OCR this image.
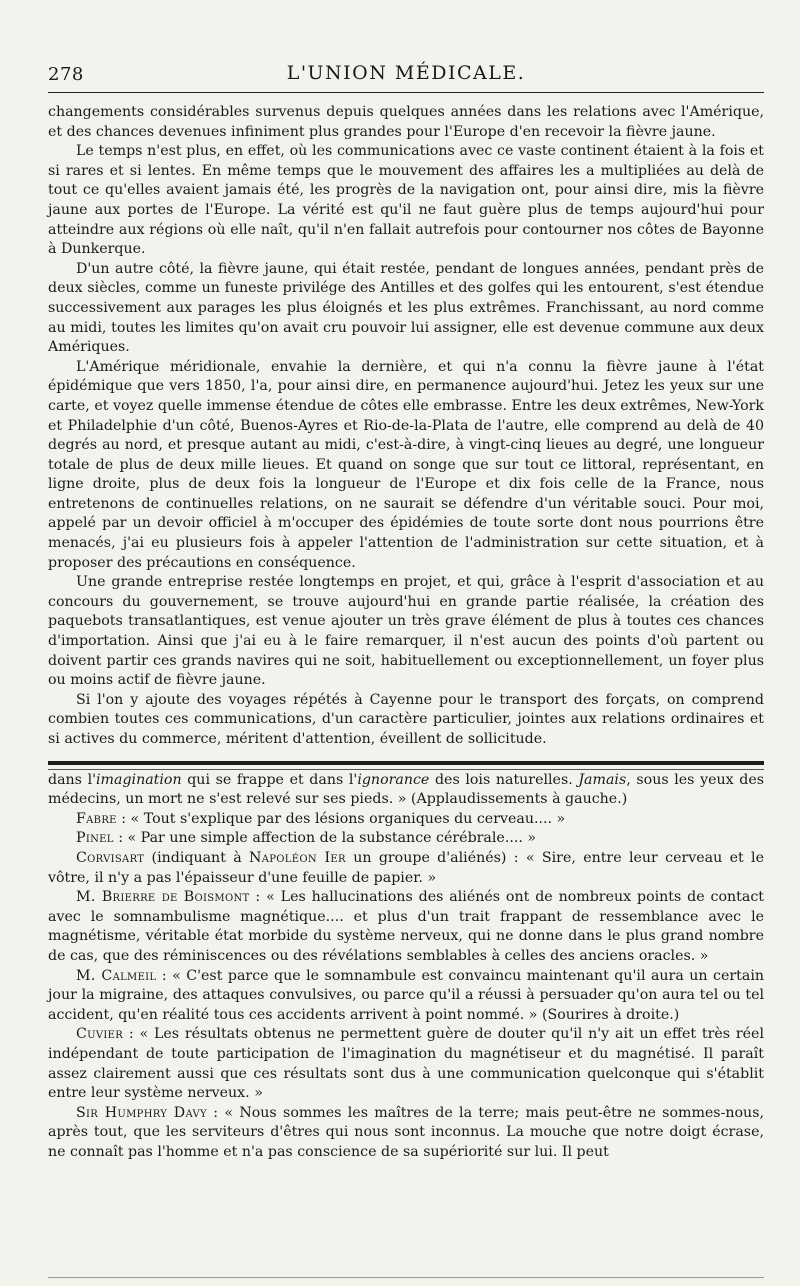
278	L'UNION MÉDICALE.

changements considérables survenus depuis quelques années dans les relations avec l'Amérique, et des chances devenues infiniment plus grandes pour l'Europe d'en recevoir la fièvre jaune.

Le temps n'est plus, en effet, où les communications avec ce vaste continent étaient à la fois et si rares et si lentes. En même temps que le mouvement des affaires les a multipliées au delà de tout ce qu'elles avaient jamais été, les progrès de la navigation ont, pour ainsi dire, mis la fièvre jaune aux portes de l'Europe. La vérité est qu'il ne faut guère plus de temps aujourd'hui pour atteindre aux régions où elle naît, qu'il n'en fallait autrefois pour contourner nos côtes de Bayonne à Dunkerque.

D'un autre côté, la fièvre jaune, qui était restée, pendant de longues années, pendant près de deux siècles, comme un funeste privilége des Antilles et des golfes qui les entourent, s'est étendue successivement aux parages les plus éloignés et les plus extrêmes. Franchissant, au nord comme au midi, toutes les limites qu'on avait cru pouvoir lui assigner, elle est devenue commune aux deux Amériques.

L'Amérique méridionale, envahie la dernière, et qui n'a connu la fièvre jaune à l'état épidémique que vers 1850, l'a, pour ainsi dire, en permanence aujourd'hui. Jetez les yeux sur une carte, et voyez quelle immense étendue de côtes elle embrasse. Entre les deux extrêmes, New-York et Philadelphie d'un côté, Buenos-Ayres et Rio-de-la-Plata de l'autre, elle comprend au delà de 40 degrés au nord, et presque autant au midi, c'est-à-dire, à vingt-cinq lieues au degré, une longueur totale de plus de deux mille lieues. Et quand on songe que sur tout ce littoral, représentant, en ligne droite, plus de deux fois la longueur de l'Europe et dix fois celle de la France, nous entretenons de continuelles relations, on ne saurait se défendre d'un véritable souci. Pour moi, appelé par un devoir officiel à m'occuper des épidémies de toute sorte dont nous pourrions être menacés, j'ai eu plusieurs fois à appeler l'attention de l'administration sur cette situation, et à proposer des précautions en conséquence.

Une grande entreprise restée longtemps en projet, et qui, grâce à l'esprit d'association et au concours du gouvernement, se trouve aujourd'hui en grande partie réalisée, la création des paquebots transatlantiques, est venue ajouter un très grave élément de plus à toutes ces chances d'importation. Ainsi que j'ai eu à le faire remarquer, il n'est aucun des points d'où partent ou doivent partir ces grands navires qui ne soit, habituellement ou exceptionnellement, un foyer plus ou moins actif de fièvre jaune.

Si l'on y ajoute des voyages répétés à Cayenne pour le transport des forçats, on comprend combien toutes ces communications, d'un caractère particulier, jointes aux relations ordinaires et si actives du commerce, méritent d'attention, éveillent de sollicitude.

dans l'imagination qui se frappe et dans l'ignorance des lois naturelles. Jamais, sous les yeux des médecins, un mort ne s'est relevé sur ses pieds. » (Applaudissements à gauche.)

Fabre : « Tout s'explique par des lésions organiques du cerveau.... »

Pinel : « Par une simple affection de la substance cérébrale.... »

Corvisart (indiquant à Napoléon Ier un groupe d'aliénés) : « Sire, entre leur cerveau et le vôtre, il n'y a pas l'épaisseur d'une feuille de papier. »

M. Brierre de Boismont : « Les hallucinations des aliénés ont de nombreux points de contact avec le somnambulisme magnétique.... et plus d'un trait frappant de ressemblance avec le magnétisme, véritable état morbide du système nerveux, qui ne donne dans le plus grand nombre de cas, que des réminiscences ou des révélations semblables à celles des anciens oracles. »

M. Calmeil : « C'est parce que le somnambule est convaincu maintenant qu'il aura un certain jour la migraine, des attaques convulsives, ou parce qu'il a réussi à persuader qu'on aura tel ou tel accident, qu'en réalité tous ces accidents arrivent à point nommé. » (Sourires à droite.)

Cuvier : « Les résultats obtenus ne permettent guère de douter qu'il n'y ait un effet très réel indépendant de toute participation de l'imagination du magnétiseur et du magnétisé. Il paraît assez clairement aussi que ces résultats sont dus à une communication quelconque qui s'établit entre leur système nerveux. »

Sir Humphry Davy : « Nous sommes les maîtres de la terre; mais peut-être ne sommes-nous, après tout, que les serviteurs d'êtres qui nous sont inconnus. La mouche que notre doigt écrase, ne connaît pas l'homme et n'a pas conscience de sa supériorité sur lui. Il peut
